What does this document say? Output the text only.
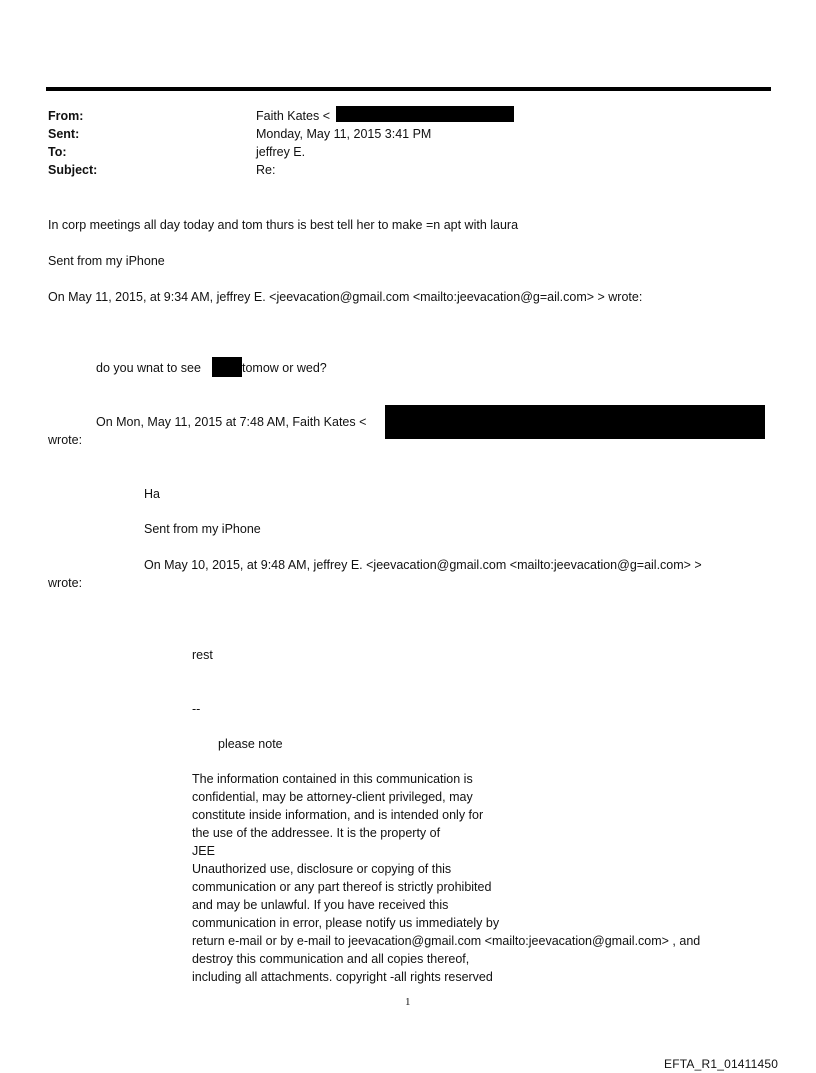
From:	Faith Kates <
Sent:	Monday, May 11, 2015 3:41 PM
To:	jeffrey E.
Subject:	Re:
In corp meetings all day today and tom thurs is best tell her to make =n apt with laura
Sent from my iPhone
On May 11, 2015, at 9:34 AM, jeffrey E. <jeevacation@gmail.com <mailto:jeevacation@g=ail.com> > wrote:
do you wnat to see	tomow or wed?
On Mon, May 11, 2015 at 7:48 AM, Faith Kates <
wrote:
Ha
Sent from my iPhone
On May 10, 2015, at 9:48 AM, jeffrey E. <jeevacation@gmail.com <mailto:jeevacation@g=ail.com> >
wrote:
rest
--
please note
The information contained in this communication is
confidential, may be attorney-client privileged, may
constitute inside information, and is intended only for
the use of the addressee. It is the property of
JEE
Unauthorized use, disclosure or copying of this
communication or any part thereof is strictly prohibited
and may be unlawful. If you have received this
communication in error, please notify us immediately by
return e-mail or by e-mail to jeevacation@gmail.com <mailto:jeevacation@gmail.com> , and
destroy this communication and all copies thereof,
including all attachments. copyright -all rights reserved
1
EFTA_R1_01411450
